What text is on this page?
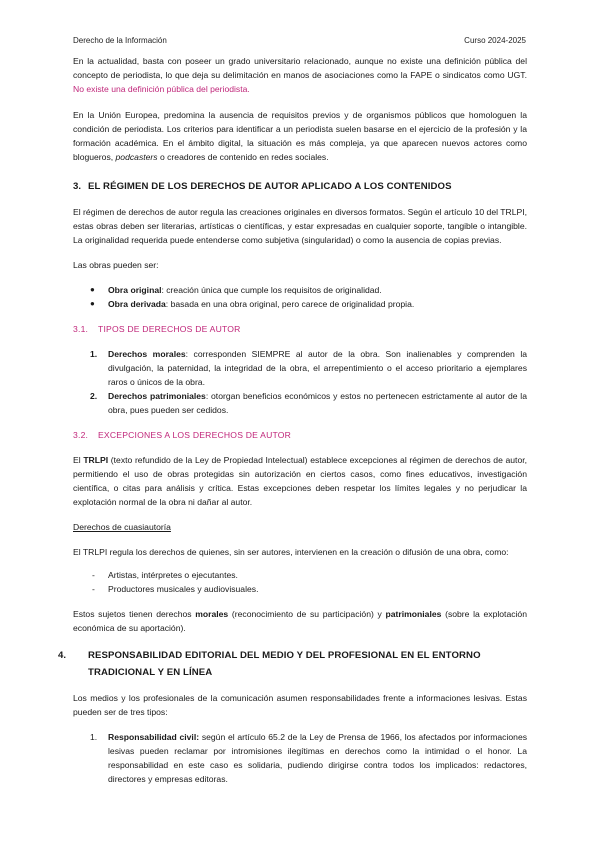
Derecho de la Información	Curso 2024-2025

En la actualidad, basta con poseer un grado universitario relacionado, aunque no existe una definición pública del concepto de periodista, lo que deja su delimitación en manos de asociaciones como la FAPE o sindicatos como UGT. No existe una definición pública del periodista.

En la Unión Europea, predomina la ausencia de requisitos previos y de organismos públicos que homologuen la condición de periodista. Los criterios para identificar a un periodista suelen basarse en el ejercicio de la profesión y la formación académica. En el ámbito digital, la situación es más compleja, ya que aparecen nuevos actores como blogueros, podcasters o creadores de contenido en redes sociales.

3. EL RÉGIMEN DE LOS DERECHOS DE AUTOR APLICADO A LOS CONTENIDOS

El régimen de derechos de autor regula las creaciones originales en diversos formatos. Según el artículo 10 del TRLPI, estas obras deben ser literarias, artísticas o científicas, y estar expresadas en cualquier soporte, tangible o intangible. La originalidad requerida puede entenderse como subjetiva (singularidad) o como la ausencia de copias previas.

Las obras pueden ser:

● Obra original: creación única que cumple los requisitos de originalidad.
● Obra derivada: basada en una obra original, pero carece de originalidad propia.
3.1. TIPOS DE DERECHOS DE AUTOR
1. Derechos morales: corresponden SIEMPRE al autor de la obra. Son inalienables y comprenden la divulgación, la paternidad, la integridad de la obra, el arrepentimiento o el acceso prioritario a ejemplares raros o únicos de la obra.
2. Derechos patrimoniales: otorgan beneficios económicos y estos no pertenecen estrictamente al autor de la obra, pues pueden ser cedidos.
3.2. EXCEPCIONES A LOS DERECHOS DE AUTOR

El TRLPI (texto refundido de la Ley de Propiedad Intelectual) establece excepciones al régimen de derechos de autor, permitiendo el uso de obras protegidas sin autorización en ciertos casos, como fines educativos, investigación científica, o citas para análisis y crítica. Estas excepciones deben respetar los límites legales y no perjudicar la explotación normal de la obra ni dañar al autor.

Derechos de cuasiautoría

El TRLPI regula los derechos de quienes, sin ser autores, intervienen en la creación o difusión de una obra, como:

- Artistas, intérpretes o ejecutantes.
- Productores musicales y audiovisuales.

Estos sujetos tienen derechos morales (reconocimiento de su participación) y patrimoniales (sobre la explotación económica de su aportación).

4. RESPONSABILIDAD EDITORIAL DEL MEDIO Y DEL PROFESIONAL EN EL ENTORNO TRADICIONAL Y EN LÍNEA

Los medios y los profesionales de la comunicación asumen responsabilidades frente a informaciones lesivas. Estas pueden ser de tres tipos:

1. Responsabilidad civil: según el artículo 65.2 de la Ley de Prensa de 1966, los afectados por informaciones lesivas pueden reclamar por intromisiones ilegítimas en derechos como la intimidad o el honor. La responsabilidad en este caso es solidaria, pudiendo dirigirse contra todos los implicados: redactores, directores y empresas editoras.
